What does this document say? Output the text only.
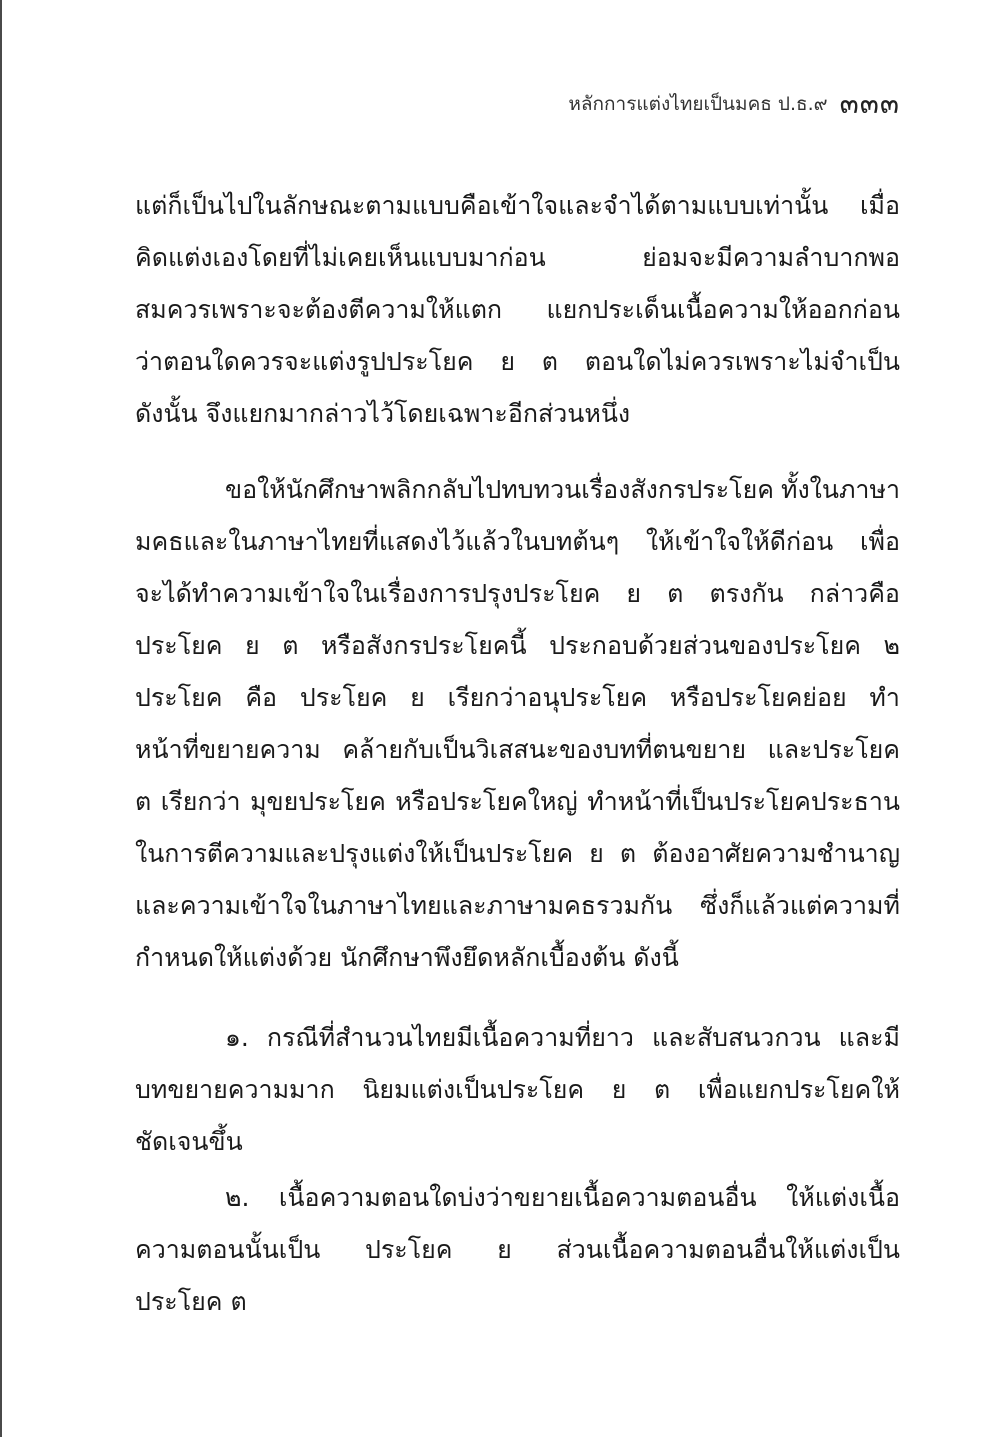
หลักการแต่งไทยเป็นมคธ ป.ธ.๙ ๓๓๓
แต่ก็เป็นไปในลักษณะตามแบบคือเข้าใจและจำได้ตามแบบเท่านั้น เมื่อ
คิดแต่งเองโดยที่ไม่เคยเห็นแบบมาก่อน	ย่อมจะมีความลำบากพอ
สมควรเพราะจะต้องตีความให้แตก แยกประเด็นเนื้อความให้ออกก่อน
ว่าตอนใดควรจะแต่งรูปประโยค ย ต ตอนใดไม่ควรเพราะไม่จำเป็น
ดังนั้น จึงแยกมากล่าวไว้โดยเฉพาะอีกส่วนหนึ่ง
ขอให้นักศึกษาพลิกกลับไปทบทวนเรื่องสังกรประโยค ทั้งในภาษา
มคธและในภาษาไทยที่แสดงไว้แล้วในบทต้นๆ ให้เข้าใจให้ดีก่อน เพื่อ
จะได้ทำความเข้าใจในเรื่องการปรุงประโยค ย ต ตรงกัน กล่าวคือ
ประโยค ย ต หรือสังกรประโยคนี้ ประกอบด้วยส่วนของประโยค ๒
ประโยค คือ ประโยค ย เรียกว่าอนุประโยค หรือประโยคย่อย ทำ
หน้าที่ขยายความ คล้ายกับเป็นวิเสสนะของบทที่ตนขยาย และประโยค
ต เรียกว่า มุขยประโยค หรือประโยคใหญ่ ทำหน้าที่เป็นประโยคประธาน
ในการตีความและปรุงแต่งให้เป็นประโยค ย ต ต้องอาศัยความชำนาญ
และความเข้าใจในภาษาไทยและภาษามคธรวมกัน ซึ่งก็แล้วแต่ความที่
กำหนดให้แต่งด้วย นักศึกษาพึงยึดหลักเบื้องต้น ดังนี้
๑. กรณีที่สำนวนไทยมีเนื้อความที่ยาว และสับสนวกวน และมี
บทขยายความมาก นิยมแต่งเป็นประโยค ย ต เพื่อแยกประโยคให้
ชัดเจนขึ้น
๒. เนื้อความตอนใดบ่งว่าขยายเนื้อความตอนอื่น ให้แต่งเนื้อ
ความตอนนั้นเป็น ประโยค ย ส่วนเนื้อความตอนอื่นให้แต่งเป็น
ประโยค ต
